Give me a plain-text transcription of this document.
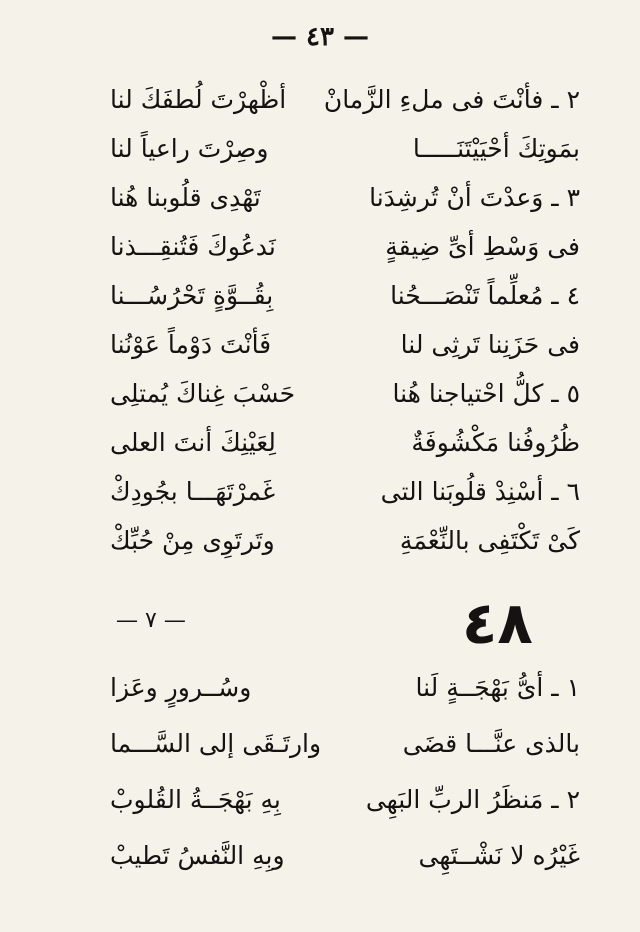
— ٤٣ —
٢ ـ فأنْتَ فى ملءِ الزَّمانْ
أظْهرْتَ لُطفَكَ لنا
بمَوتِكَ أحْيَيْتَنَـــــا
وصِرْتَ راعياً لنا
٣ ـ وَعدْتَ أنْ تُرشِدَنا
تَهْدِى قلُوبنا هُنا
فى وَسْطِ أىِّ ضِيقةٍ
نَدعُوكَ فَتُنقِـــذنا
٤ ـ مُعلِّماً تَنْصَـــحُنا
بِقُــوَّةٍ تَحْرُسُـــنا
فى حَزَنِنا تَرثِى لنا
فَأنْتَ دَوْماً عَوْنُنا
٥ ـ كلُّ احْتياجنا هُنا
حَسْبَ غِناكَ يُمتلِى
ظُرُوفُنا مَكْشُوفَةٌ
لِعَيْنِكَ أنتَ العلى
٦ ـ أسْنِدْ قلُوبَنا التى
غَمرْتَهَـــا بجُودِكْ
كَىْ تَكْتَفِى بالنِّعْمَةِ
وتَرتَوِى مِنْ حُبِّكْ
٤٨
— ٧ —
١ ـ أىُّ بَهْجَــةٍ لَنا
وسُــرورٍ وعَزا
بالذى عنَّـــا قضَى
وارتَـقَى إلى السَّـــما
٢ ـ مَنظَرُ الربِّ البَهِى
بِهِ بَهْجَــةُ القُلوبْ
غَيْرُه لا نَشْــتَهِى
وبِهِ النَّفسُ تَطيبْ
